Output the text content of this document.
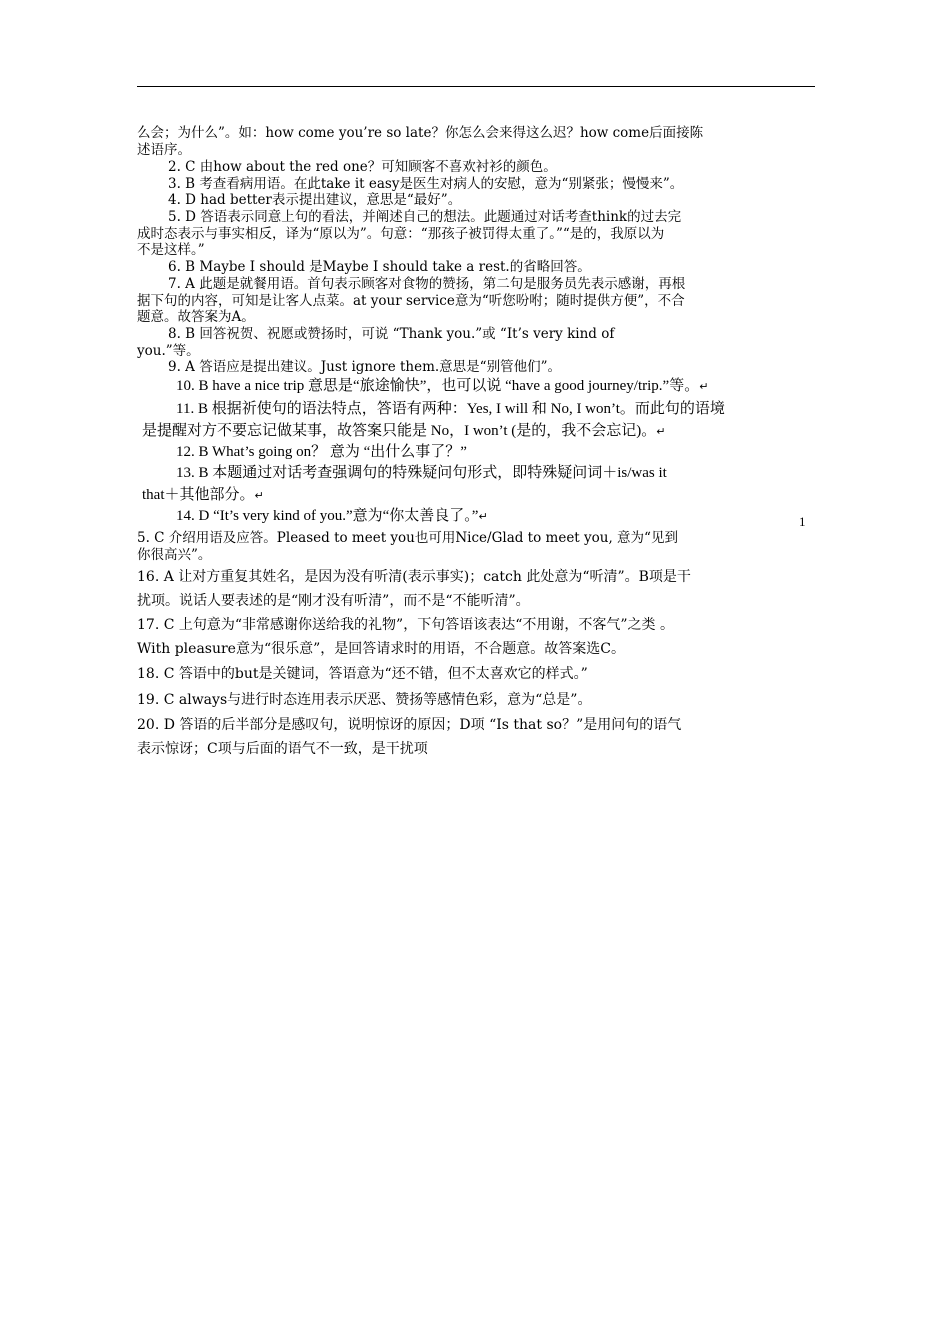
么会；为什么”。如：how come you’re so late？你怎么会来得这么迟？how come后面接陈
述语序。
2. C 由how about the red one？可知顾客不喜欢衬衫的颜色。
3. B 考查看病用语。在此take it easy是医生对病人的安慰，意为“别紧张；慢慢来”。
4. D had better表示提出建议，意思是“最好”。
5. D 答语表示同意上句的看法，并阐述自己的想法。此题通过对话考查think的过去完
成时态表示与事实相反，译为“原以为”。句意：“那孩子被罚得太重了。”“是的，我原以为
不是这样。”
6. B Maybe I should 是Maybe I should take a rest.的省略回答。
7. A 此题是就餐用语。首句表示顾客对食物的赞扬，第二句是服务员先表示感谢，再根
据下句的内容，可知是让客人点菜。at your service意为“听您吩咐；随时提供方便”，不合
题意。故答案为A。
8. B 回答祝贺、祝愿或赞扬时，可说 “Thank you.”或 “It’s very kind of
you.”等。
9. A 答语应是提出建议。Just ignore them.意思是“别管他们”。
10. B have a nice trip 意思是“旅途愉快”，也可以说 “have a good journey/trip.”等。↵
11. B 根据祈使句的语法特点，答语有两种：Yes, I will 和 No, I won’t。而此句的语境
是提醒对方不要忘记做某事，故答案只能是 No，I won’t (是的，我不会忘记)。↵
12. B What’s going on？ 意为 “出什么事了？”
13. B 本题通过对话考查强调句的特殊疑问句形式，即特殊疑问词＋is/was it
that＋其他部分。↵
14. D “It’s very kind of you.”意为“你太善良了。”↵	1
5. C 介绍用语及应答。Pleased to meet you也可用Nice/Glad to meet you, 意为“见到
你很高兴”。
16. A 让对方重复其姓名，是因为没有听清(表示事实)；catch 此处意为“听清”。B项是干
扰项。说话人要表述的是“刚才没有听清”，而不是“不能听清”。
17. C 上句意为“非常感谢你送给我的礼物”，下句答语该表达“不用谢，不客气”之类 。
With pleasure意为“很乐意”，是回答请求时的用语，不合题意。故答案选C。
18. C 答语中的but是关键词，答语意为“还不错，但不太喜欢它的样式。”
19. C always与进行时态连用表示厌恶、赞扬等感情色彩，意为“总是”。
20. D 答语的后半部分是感叹句，说明惊讶的原因；D项 “Is that so？”是用问句的语气
表示惊讶；C项与后面的语气不一致，是干扰项
